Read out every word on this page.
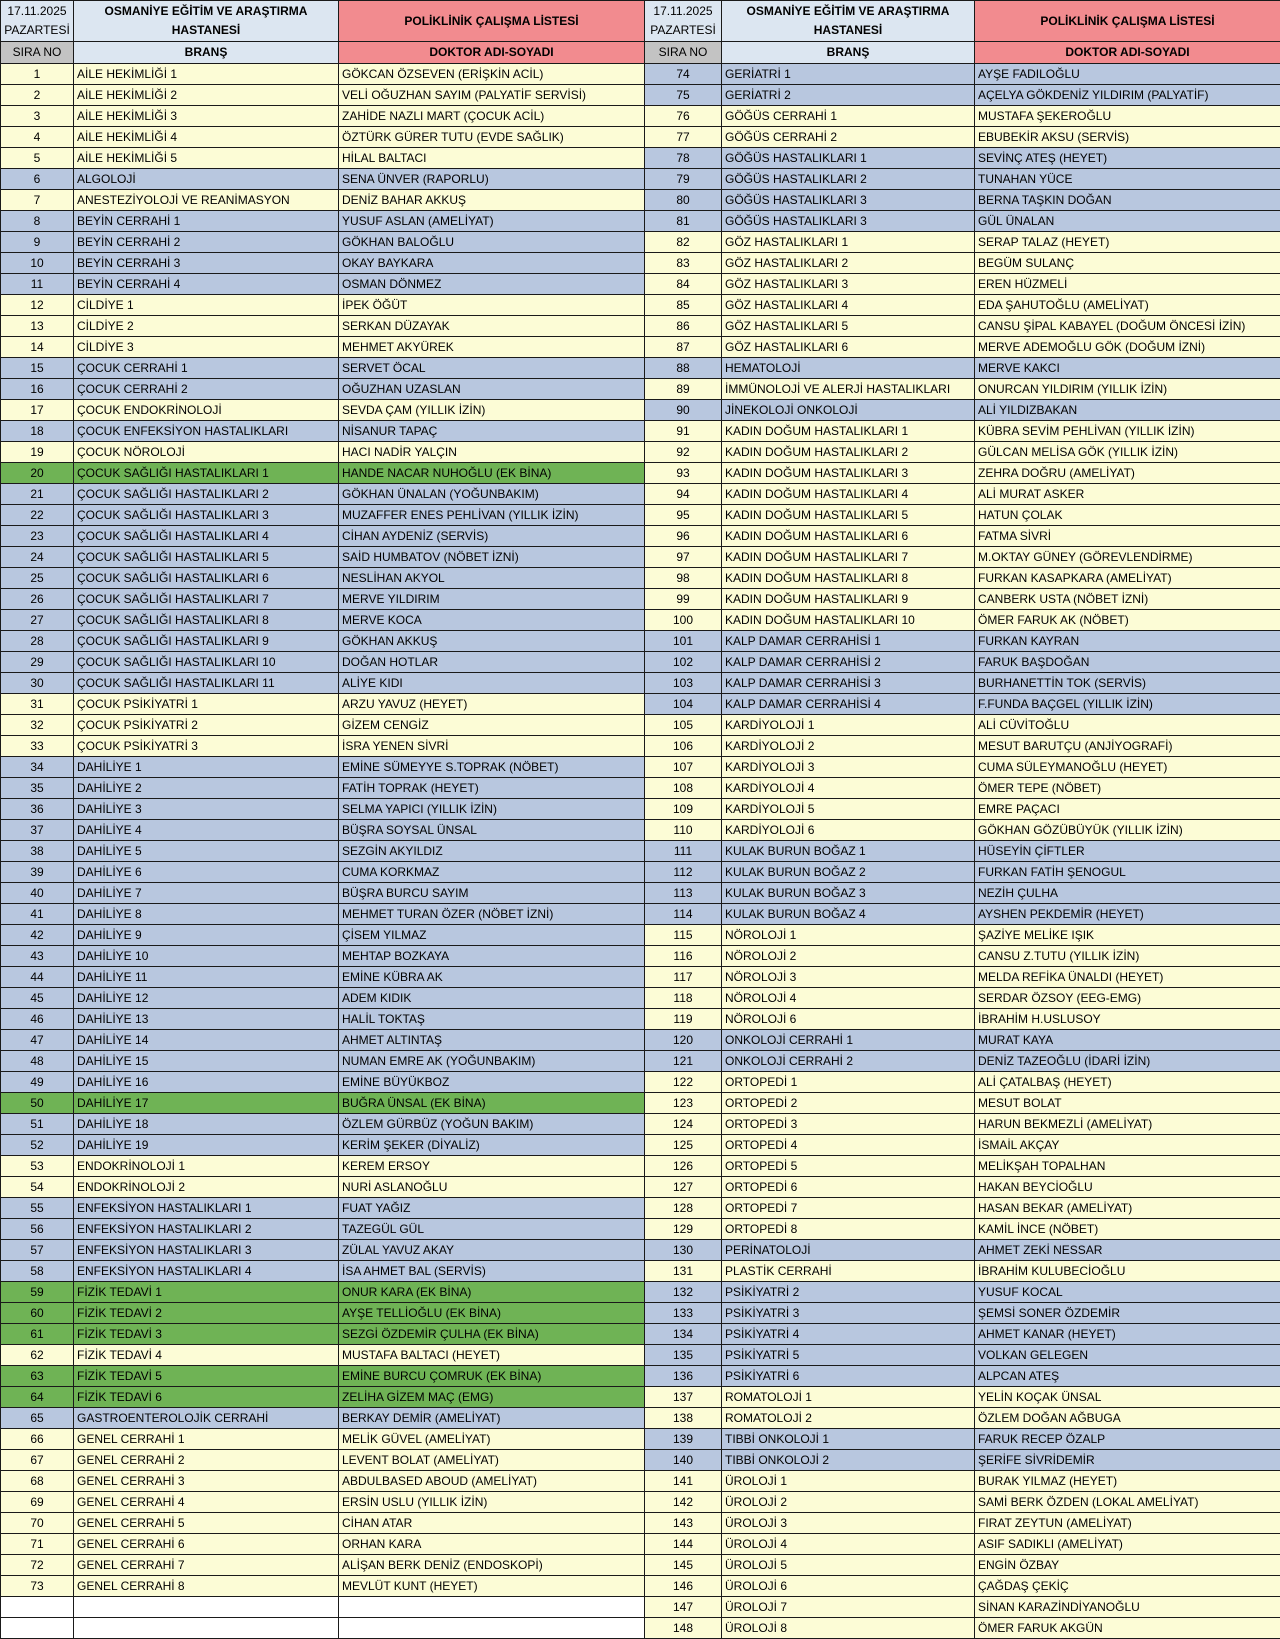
17.11.2025
PAZARTESİ	OSMANİYE EĞİTİM VE ARAŞTIRMA HASTANESİ	POLİKLİNİK ÇALIŞMA LİSTESİ
SIRA NO	BRANŞ	DOKTOR ADI-SOYADI
1	AİLE HEKİMLİĞİ 1	GÖKCAN ÖZSEVEN (ERİŞKİN ACİL)
2	AİLE HEKİMLİĞİ 2	VELİ OĞUZHAN SAYIM (PALYATİF SERVİSİ)
3	AİLE HEKİMLİĞİ 3	ZAHİDE NAZLI MART (ÇOCUK ACİL)
4	AİLE HEKİMLİĞİ 4	ÖZTÜRK GÜRER TUTU (EVDE SAĞLIK)
5	AİLE HEKİMLİĞİ 5	HİLAL BALTACI
6	ALGOLOJİ	SENA ÜNVER (RAPORLU)
7	ANESTEZİYOLOJİ VE REANİMASYON	DENİZ BAHAR AKKUŞ
8	BEYİN CERRAHİ 1	YUSUF ASLAN (AMELİYAT)
9	BEYİN CERRAHİ 2	GÖKHAN BALOĞLU
10	BEYİN CERRAHİ 3	OKAY BAYKARA
11	BEYİN CERRAHİ 4	OSMAN DÖNMEZ
12	CİLDİYE 1	İPEK ÖĞÜT
13	CİLDİYE 2	SERKAN DÜZAYAK
14	CİLDİYE 3	MEHMET AKYÜREK
15	ÇOCUK CERRAHİ 1	SERVET ÖCAL
16	ÇOCUK CERRAHİ 2	OĞUZHAN UZASLAN
17	ÇOCUK ENDOKRİNOLOJİ	SEVDA ÇAM (YILLIK İZİN)
18	ÇOCUK ENFEKSİYON HASTALIKLARI	NİSANUR TAPAÇ
19	ÇOCUK NÖROLOJİ	HACI NADİR YALÇIN
20	ÇOCUK SAĞLIĞI HASTALIKLARI 1	HANDE NACAR NUHOĞLU (EK BİNA)
21	ÇOCUK SAĞLIĞI HASTALIKLARI 2	GÖKHAN ÜNALAN (YOĞUNBAKIM)
22	ÇOCUK SAĞLIĞI HASTALIKLARI 3	MUZAFFER ENES PEHLİVAN (YILLIK İZİN)
23	ÇOCUK SAĞLIĞI HASTALIKLARI 4	CİHAN AYDENİZ (SERVİS)
24	ÇOCUK SAĞLIĞI HASTALIKLARI 5	SAİD HUMBATOV (NÖBET İZNİ)
25	ÇOCUK SAĞLIĞI HASTALIKLARI 6	NESLİHAN AKYOL
26	ÇOCUK SAĞLIĞI HASTALIKLARI 7	MERVE YILDIRIM
27	ÇOCUK SAĞLIĞI HASTALIKLARI 8	MERVE KOCA
28	ÇOCUK SAĞLIĞI HASTALIKLARI 9	GÖKHAN AKKUŞ
29	ÇOCUK SAĞLIĞI HASTALIKLARI 10	DOĞAN HOTLAR
30	ÇOCUK SAĞLIĞI HASTALIKLARI 11	ALİYE KIDI
31	ÇOCUK PSİKİYATRİ 1	ARZU YAVUZ (HEYET)
32	ÇOCUK PSİKİYATRİ 2	GİZEM CENGİZ
33	ÇOCUK PSİKİYATRİ 3	İSRA YENEN SİVRİ
34	DAHİLİYE 1	EMİNE SÜMEYYE S.TOPRAK (NÖBET)
35	DAHİLİYE 2	FATİH TOPRAK (HEYET)
36	DAHİLİYE 3	SELMA YAPICI (YILLIK İZİN)
37	DAHİLİYE 4	BÜŞRA SOYSAL ÜNSAL
38	DAHİLİYE 5	SEZGİN AKYILDIZ
39	DAHİLİYE 6	CUMA KORKMAZ
40	DAHİLİYE 7	BÜŞRA BURCU SAYIM
41	DAHİLİYE 8	MEHMET TURAN ÖZER (NÖBET İZNİ)
42	DAHİLİYE 9	ÇİSEM YILMAZ
43	DAHİLİYE 10	MEHTAP BOZKAYA
44	DAHİLİYE 11	EMİNE KÜBRA AK
45	DAHİLİYE 12	ADEM KIDIK
46	DAHİLİYE 13	HALİL TOKTAŞ
47	DAHİLİYE 14	AHMET ALTINTAŞ
48	DAHİLİYE 15	NUMAN EMRE AK (YOĞUNBAKIM)
49	DAHİLİYE 16	EMİNE BÜYÜKBOZ
50	DAHİLİYE 17	BUĞRA ÜNSAL (EK BİNA)
51	DAHİLİYE 18	ÖZLEM GÜRBÜZ (YOĞUN BAKIM)
52	DAHİLİYE 19	KERİM ŞEKER (DİYALİZ)
53	ENDOKRİNOLOJİ 1	KEREM ERSOY
54	ENDOKRİNOLOJİ 2	NURİ ASLANOĞLU
55	ENFEKSİYON HASTALIKLARI 1	FUAT YAĞIZ
56	ENFEKSİYON HASTALIKLARI 2	TAZEGÜL GÜL
57	ENFEKSİYON HASTALIKLARI 3	ZÜLAL YAVUZ AKAY
58	ENFEKSİYON HASTALIKLARI 4	İSA AHMET BAL (SERVİS)
59	FİZİK TEDAVİ 1	ONUR KARA (EK BİNA)
60	FİZİK TEDAVİ 2	AYŞE TELLİOĞLU (EK BİNA)
61	FİZİK TEDAVİ 3	SEZGİ ÖZDEMİR ÇULHA (EK BİNA)
62	FİZİK TEDAVİ 4	MUSTAFA BALTACI (HEYET)
63	FİZİK TEDAVİ 5	EMİNE BURCU ÇOMRUK (EK BİNA)
64	FİZİK TEDAVİ 6	ZELİHA GİZEM MAÇ (EMG)
65	GASTROENTEROLOJİK CERRAHİ	BERKAY DEMİR (AMELİYAT)
66	GENEL CERRAHİ 1	MELİK GÜVEL (AMELİYAT)
67	GENEL CERRAHİ 2	LEVENT BOLAT (AMELİYAT)
68	GENEL CERRAHİ 3	ABDULBASED ABOUD (AMELİYAT)
69	GENEL CERRAHİ 4	ERSİN USLU (YILLIK İZİN)
70	GENEL CERRAHİ 5	CİHAN ATAR
71	GENEL CERRAHİ 6	ORHAN KARA
72	GENEL CERRAHİ 7	ALİŞAN BERK DENİZ (ENDOSKOPİ)
73	GENEL CERRAHİ 8	MEVLÜT KUNT (HEYET)

17.11.2025
PAZARTESİ	OSMANİYE EĞİTİM VE ARAŞTIRMA HASTANESİ	POLİKLİNİK ÇALIŞMA LİSTESİ
SIRA NO	BRANŞ	DOKTOR ADI-SOYADI
74	GERİATRİ 1	AYŞE FADILOĞLU
75	GERİATRİ 2	AÇELYA GÖKDENİZ YILDIRIM (PALYATİF)
76	GÖĞÜS CERRAHİ 1	MUSTAFA ŞEKEROĞLU
77	GÖĞÜS CERRAHİ 2	EBUBEKİR AKSU (SERVİS)
78	GÖĞÜS HASTALIKLARI 1	SEVİNÇ ATEŞ (HEYET)
79	GÖĞÜS HASTALIKLARI 2	TUNAHAN YÜCE
80	GÖĞÜS HASTALIKLARI 3	BERNA TAŞKIN DOĞAN
81	GÖĞÜS HASTALIKLARI 3	GÜL ÜNALAN
82	GÖZ HASTALIKLARI 1	SERAP TALAZ (HEYET)
83	GÖZ HASTALIKLARI 2	BEGÜM SULANÇ
84	GÖZ HASTALIKLARI 3	EREN HÜZMELİ
85	GÖZ HASTALIKLARI 4	EDA ŞAHUTOĞLU (AMELİYAT)
86	GÖZ HASTALIKLARI 5	CANSU ŞİPAL KABAYEL (DOĞUM ÖNCESİ İZİN)
87	GÖZ HASTALIKLARI 6	MERVE ADEMOĞLU GÖK (DOĞUM İZNİ)
88	HEMATOLOJİ	MERVE KAKCI
89	İMMÜNOLOJİ VE ALERJİ HASTALIKLARI	ONURCAN YILDIRIM (YILLIK İZİN)
90	JİNEKOLOJİ ONKOLOJİ	ALİ YILDIZBAKAN
91	KADIN DOĞUM HASTALIKLARI 1	KÜBRA SEVİM PEHLİVAN (YILLIK İZİN)
92	KADIN DOĞUM HASTALIKLARI 2	GÜLCAN MELİSA GÖK (YILLIK İZİN)
93	KADIN DOĞUM HASTALIKLARI 3	ZEHRA DOĞRU (AMELİYAT)
94	KADIN DOĞUM HASTALIKLARI 4	ALİ MURAT ASKER
95	KADIN DOĞUM HASTALIKLARI 5	HATUN ÇOLAK
96	KADIN DOĞUM HASTALIKLARI 6	FATMA SİVRİ
97	KADIN DOĞUM HASTALIKLARI 7	M.OKTAY GÜNEY (GÖREVLENDİRME)
98	KADIN DOĞUM HASTALIKLARI 8	FURKAN KASAPKARA (AMELİYAT)
99	KADIN DOĞUM HASTALIKLARI 9	CANBERK USTA (NÖBET İZNİ)
100	KADIN DOĞUM HASTALIKLARI 10	ÖMER FARUK AK (NÖBET)
101	KALP DAMAR CERRAHİSİ 1	FURKAN KAYRAN
102	KALP DAMAR CERRAHİSİ 2	FARUK BAŞDOĞAN
103	KALP DAMAR CERRAHİSİ 3	BURHANETTİN TOK (SERVİS)
104	KALP DAMAR CERRAHİSİ 4	F.FUNDA BAÇGEL (YILLIK İZİN)
105	KARDİYOLOJİ 1	ALİ CÜVİTOĞLU
106	KARDİYOLOJİ 2	MESUT BARUTÇU (ANJİYOGRAFİ)
107	KARDİYOLOJİ 3	CUMA SÜLEYMANOĞLU (HEYET)
108	KARDİYOLOJİ 4	ÖMER TEPE (NÖBET)
109	KARDİYOLOJİ 5	EMRE PAÇACI
110	KARDİYOLOJİ 6	GÖKHAN GÖZÜBÜYÜK (YILLIK İZİN)
111	KULAK BURUN BOĞAZ 1	HÜSEYİN ÇİFTLER
112	KULAK BURUN BOĞAZ 2	FURKAN FATİH ŞENOGUL
113	KULAK BURUN BOĞAZ 3	NEZİH ÇULHA
114	KULAK BURUN BOĞAZ 4	AYSHEN PEKDEMİR (HEYET)
115	NÖROLOJİ 1	ŞAZİYE MELİKE IŞIK
116	NÖROLOJİ 2	CANSU Z.TUTU (YILLIK İZİN)
117	NÖROLOJİ 3	MELDA REFİKA ÜNALDI (HEYET)
118	NÖROLOJİ 4	SERDAR ÖZSOY (EEG-EMG)
119	NÖROLOJİ 6	İBRAHİM H.USLUSOY
120	ONKOLOJİ CERRAHİ 1	MURAT KAYA
121	ONKOLOJİ CERRAHİ 2	DENİZ TAZEOĞLU (İDARİ İZİN)
122	ORTOPEDİ 1	ALİ ÇATALBAŞ (HEYET)
123	ORTOPEDİ 2	MESUT BOLAT
124	ORTOPEDİ 3	HARUN BEKMEZLİ (AMELİYAT)
125	ORTOPEDİ 4	İSMAİL AKÇAY
126	ORTOPEDİ 5	MELİKŞAH TOPALHAN
127	ORTOPEDİ 6	HAKAN BEYCİOĞLU
128	ORTOPEDİ 7	HASAN BEKAR (AMELİYAT)
129	ORTOPEDİ 8	KAMİL İNCE (NÖBET)
130	PERİNATOLOJİ	AHMET ZEKİ NESSAR
131	PLASTİK CERRAHİ	İBRAHİM KULUBECİOĞLU
132	PSİKİYATRİ 2	YUSUF KOCAL
133	PSİKİYATRİ 3	ŞEMSİ SONER ÖZDEMİR
134	PSİKİYATRİ 4	AHMET KANAR (HEYET)
135	PSİKİYATRİ 5	VOLKAN GELEGEN
136	PSİKİYATRİ 6	ALPCAN ATEŞ
137	ROMATOLOJİ 1	YELİN KOÇAK ÜNSAL
138	ROMATOLOJİ 2	ÖZLEM DOĞAN AĞBUGA
139	TIBBİ ONKOLOJİ 1	FARUK RECEP ÖZALP
140	TIBBİ ONKOLOJİ 2	ŞERİFE SİVRİDEMİR
141	ÜROLOJİ 1	BURAK YILMAZ (HEYET)
142	ÜROLOJİ 2	SAMİ BERK ÖZDEN (LOKAL AMELİYAT)
143	ÜROLOJİ 3	FIRAT ZEYTUN (AMELİYAT)
144	ÜROLOJİ 4	ASIF SADIKLI (AMELİYAT)
145	ÜROLOJİ 5	ENGİN ÖZBAY
146	ÜROLOJİ 6	ÇAĞDAŞ ÇEKİÇ
147	ÜROLOJİ 7	SİNAN KARAZİNDİYANOĞLU
148	ÜROLOJİ 8	ÖMER FARUK AKGÜN
